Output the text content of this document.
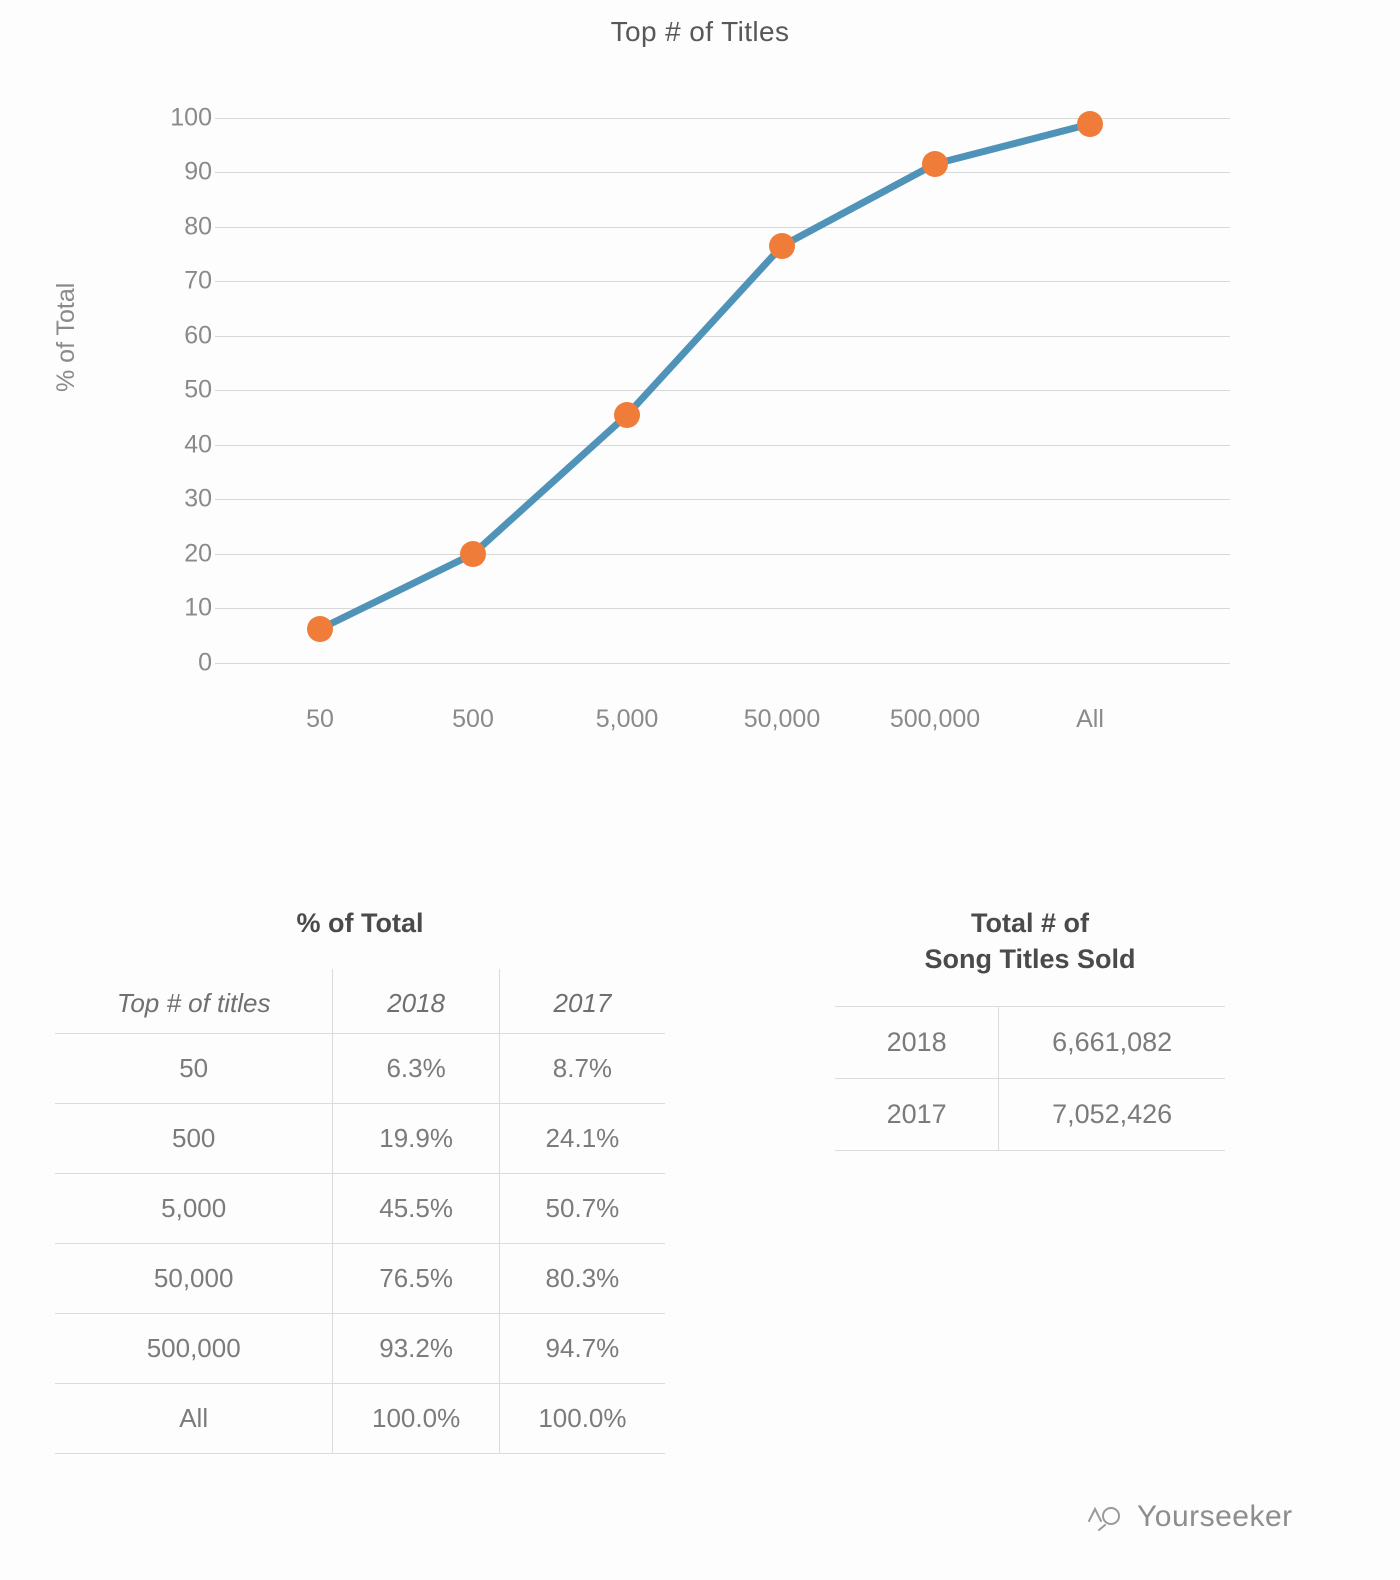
Top # of Titles
% of Total
100
90
80
70
60
50
40
30
20
10
0
50	500	5,000	50,000	500,000	All
% of Total
Top # of titles	2018	2017
50	6.3%	8.7%
500	19.9%	24.1%
5,000	45.5%	50.7%
50,000	76.5%	80.3%
500,000	93.2%	94.7%
All	100.0%	100.0%
Total # of
Song Titles Sold
2018	6,661,082
2017	7,052,426
Yourseeker
